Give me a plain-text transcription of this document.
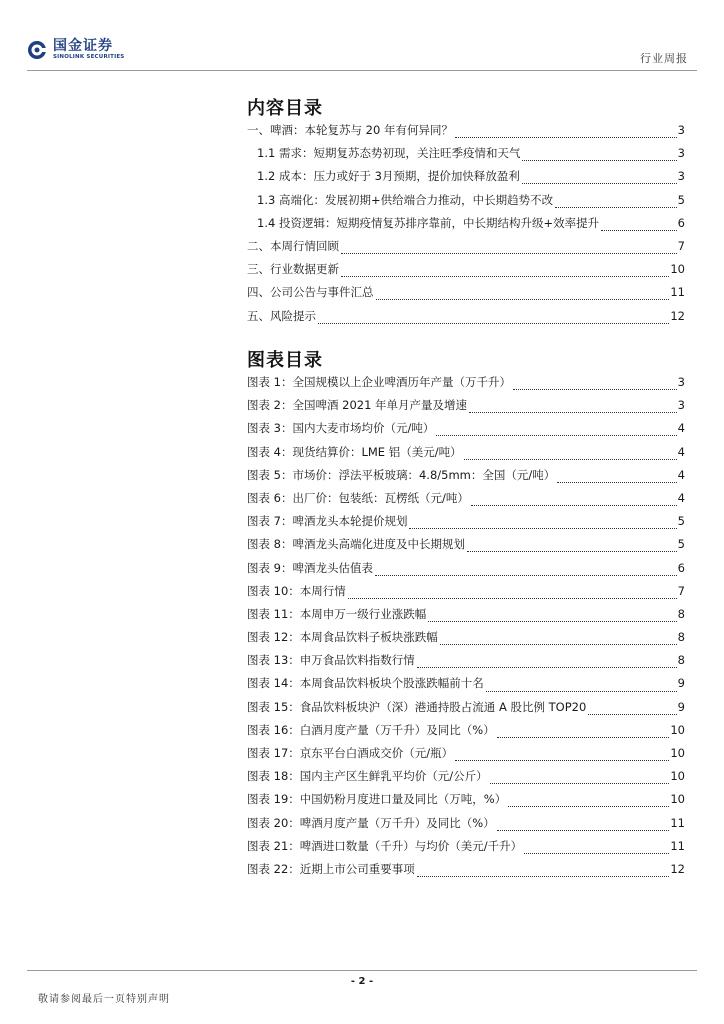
国金证券
SINOLINK SECURITIES	行业周报
内容目录
一、啤酒：本轮复苏与 20 年有何异同？	3
1.1 需求：短期复苏态势初现，关注旺季疫情和天气	3
1.2 成本：压力或好于 3月预期，提价加快释放盈利	3
1.3 高端化：发展初期+供给端合力推动，中长期趋势不改	5
1.4 投资逻辑：短期疫情复苏排序靠前，中长期结构升级+效率提升	6
二、本周行情回顾	7
三、行业数据更新	10
四、公司公告与事件汇总	11
五、风险提示	12
图表目录
图表 1：全国规模以上企业啤酒历年产量（万千升）	3
图表 2：全国啤酒 2021 年单月产量及增速	3
图表 3：国内大麦市场均价（元/吨）	4
图表 4：现货结算价：LME 铝（美元/吨）	4
图表 5：市场价：浮法平板玻璃：4.8/5mm：全国（元/吨）	4
图表 6：出厂价：包装纸：瓦楞纸（元/吨）	4
图表 7：啤酒龙头本轮提价规划	5
图表 8：啤酒龙头高端化进度及中长期规划	5
图表 9：啤酒龙头估值表	6
图表 10：本周行情	7
图表 11：本周申万一级行业涨跌幅	8
图表 12：本周食品饮料子板块涨跌幅	8
图表 13：申万食品饮料指数行情	8
图表 14：本周食品饮料板块个股涨跌幅前十名	9
图表 15：食品饮料板块沪（深）港通持股占流通 A 股比例 TOP20	9
图表 16：白酒月度产量（万千升）及同比（%）	10
图表 17：京东平台白酒成交价（元/瓶）	10
图表 18：国内主产区生鲜乳平均价（元/公斤）	10
图表 19：中国奶粉月度进口量及同比（万吨，%）	10
图表 20：啤酒月度产量（万千升）及同比（%）	11
图表 21：啤酒进口数量（千升）与均价（美元/千升）	11
图表 22：近期上市公司重要事项	12
- 2 -
敬请参阅最后一页特别声明
